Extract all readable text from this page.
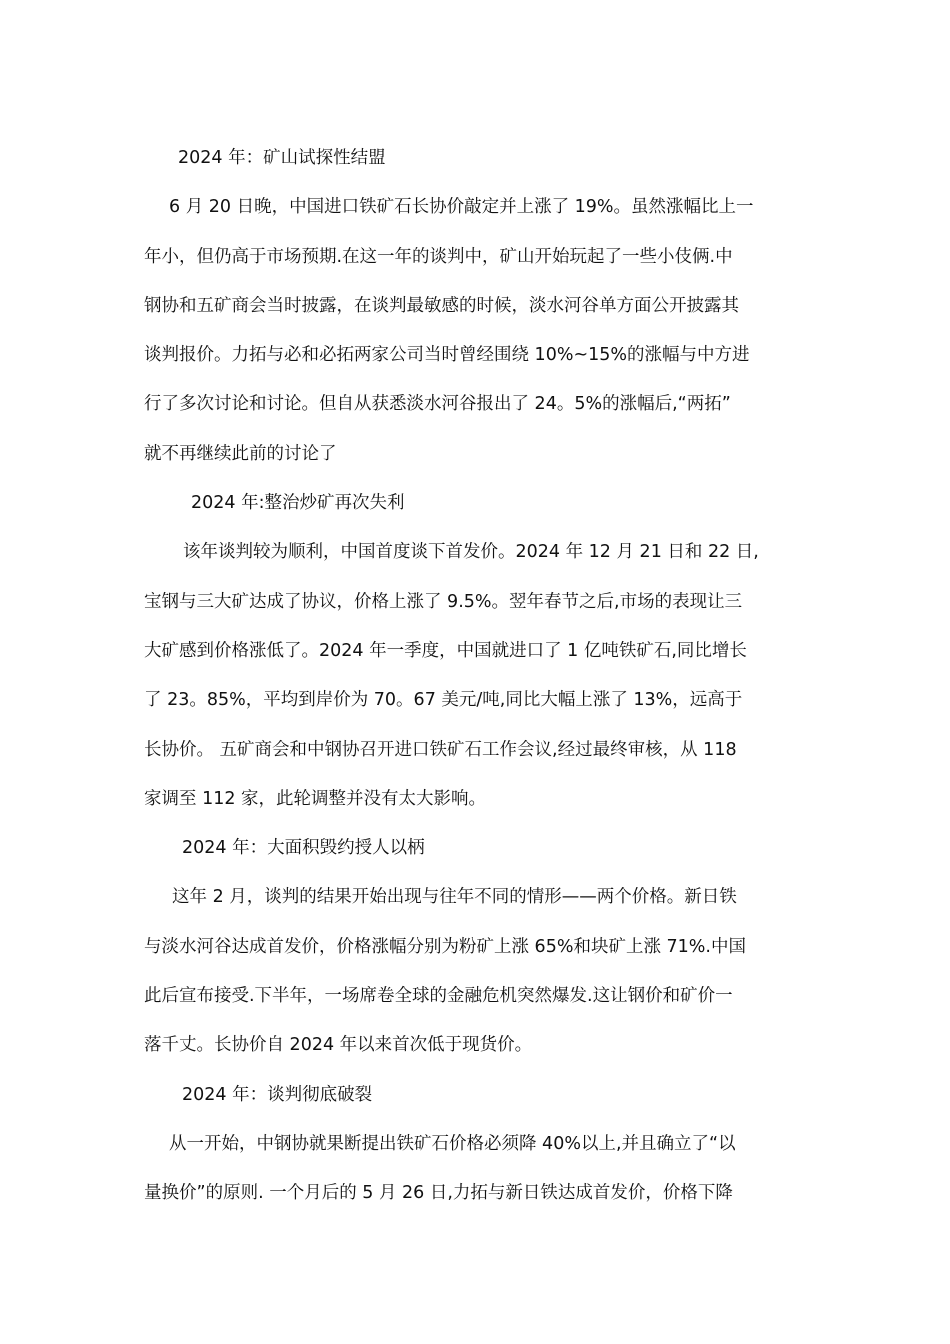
2024 年：矿山试探性结盟
6 月 20 日晚，中国进口铁矿石长协价敲定并上涨了 19%。虽然涨幅比上一
年小，但仍高于市场预期.在这一年的谈判中，矿山开始玩起了一些小伎俩.中
钢协和五矿商会当时披露，在谈判最敏感的时候，淡水河谷单方面公开披露其
谈判报价。力拓与必和必拓两家公司当时曾经围绕 10%~15%的涨幅与中方进
行了多次讨论和讨论。但自从获悉淡水河谷报出了 24。5%的涨幅后,“两拓”
就不再继续此前的讨论了
2024 年:整治炒矿再次失利
该年谈判较为顺利，中国首度谈下首发价。2024 年 12 月 21 日和 22 日,
宝钢与三大矿达成了协议，价格上涨了 9.5%。翌年春节之后,市场的表现让三
大矿感到价格涨低了。2024 年一季度，中国就进口了 1 亿吨铁矿石,同比增长
了 23。85%，平均到岸价为 70。67 美元/吨,同比大幅上涨了 13%，远高于
长协价。 五矿商会和中钢协召开进口铁矿石工作会议,经过最终审核，从 118
家调至 112 家，此轮调整并没有太大影响。
2024 年：大面积毁约授人以柄
这年 2 月，谈判的结果开始出现与往年不同的情形——两个价格。新日铁
与淡水河谷达成首发价，价格涨幅分别为粉矿上涨 65%和块矿上涨 71%.中国
此后宣布接受.下半年，一场席卷全球的金融危机突然爆发.这让钢价和矿价一
落千丈。长协价自 2024 年以来首次低于现货价。
2024 年：谈判彻底破裂
从一开始，中钢协就果断提出铁矿石价格必须降 40%以上,并且确立了“以
量换价”的原则. 一个月后的 5 月 26 日,力拓与新日铁达成首发价，价格下降
